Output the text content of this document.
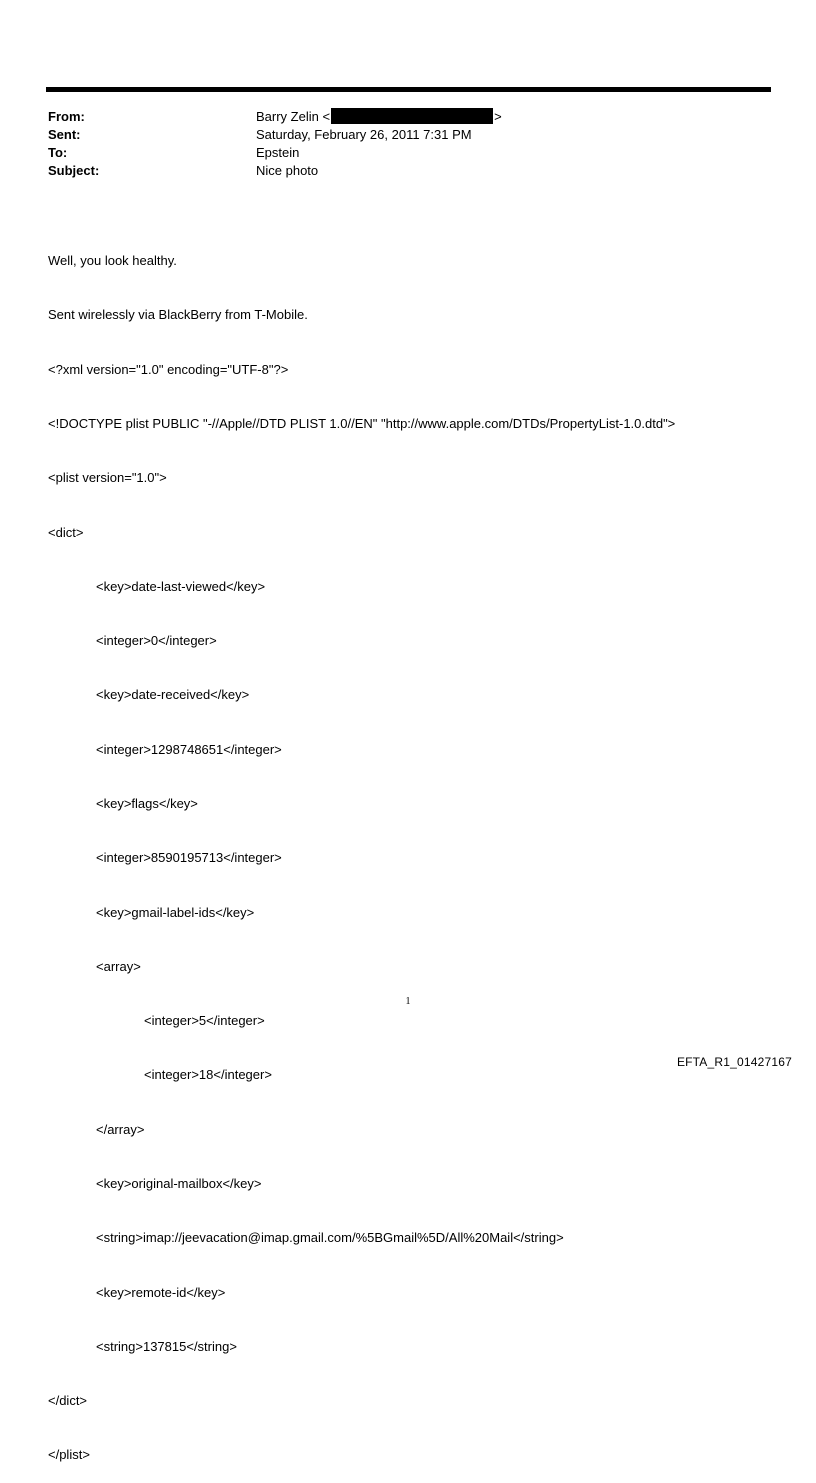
From:	Barry Zelin <	>
Sent:	Saturday, February 26, 2011 7:31 PM
To:	Epstein
Subject:	Nice photo

Well, you look healthy.

Sent wirelessly via BlackBerry from T-Mobile.

<?xml version="1.0" encoding="UTF-8"?>

<!DOCTYPE plist PUBLIC "-//Apple//DTD PLIST 1.0//EN" "http://www.apple.com/DTDs/PropertyList-1.0.dtd">

<plist version="1.0">

<dict>

<key>date-last-viewed</key>

<integer>0</integer>

<key>date-received</key>

<integer>1298748651</integer>

<key>flags</key>

<integer>8590195713</integer>

<key>gmail-label-ids</key>

<array>

<integer>5</integer>

<integer>18</integer>

</array>

<key>original-mailbox</key>

<string>imap://jeevacation@imap.gmail.com/%5BGmail%5D/All%20Mail</string>

<key>remote-id</key>

<string>137815</string>

</dict>

</plist>

1
EFTA_R1_01427167
